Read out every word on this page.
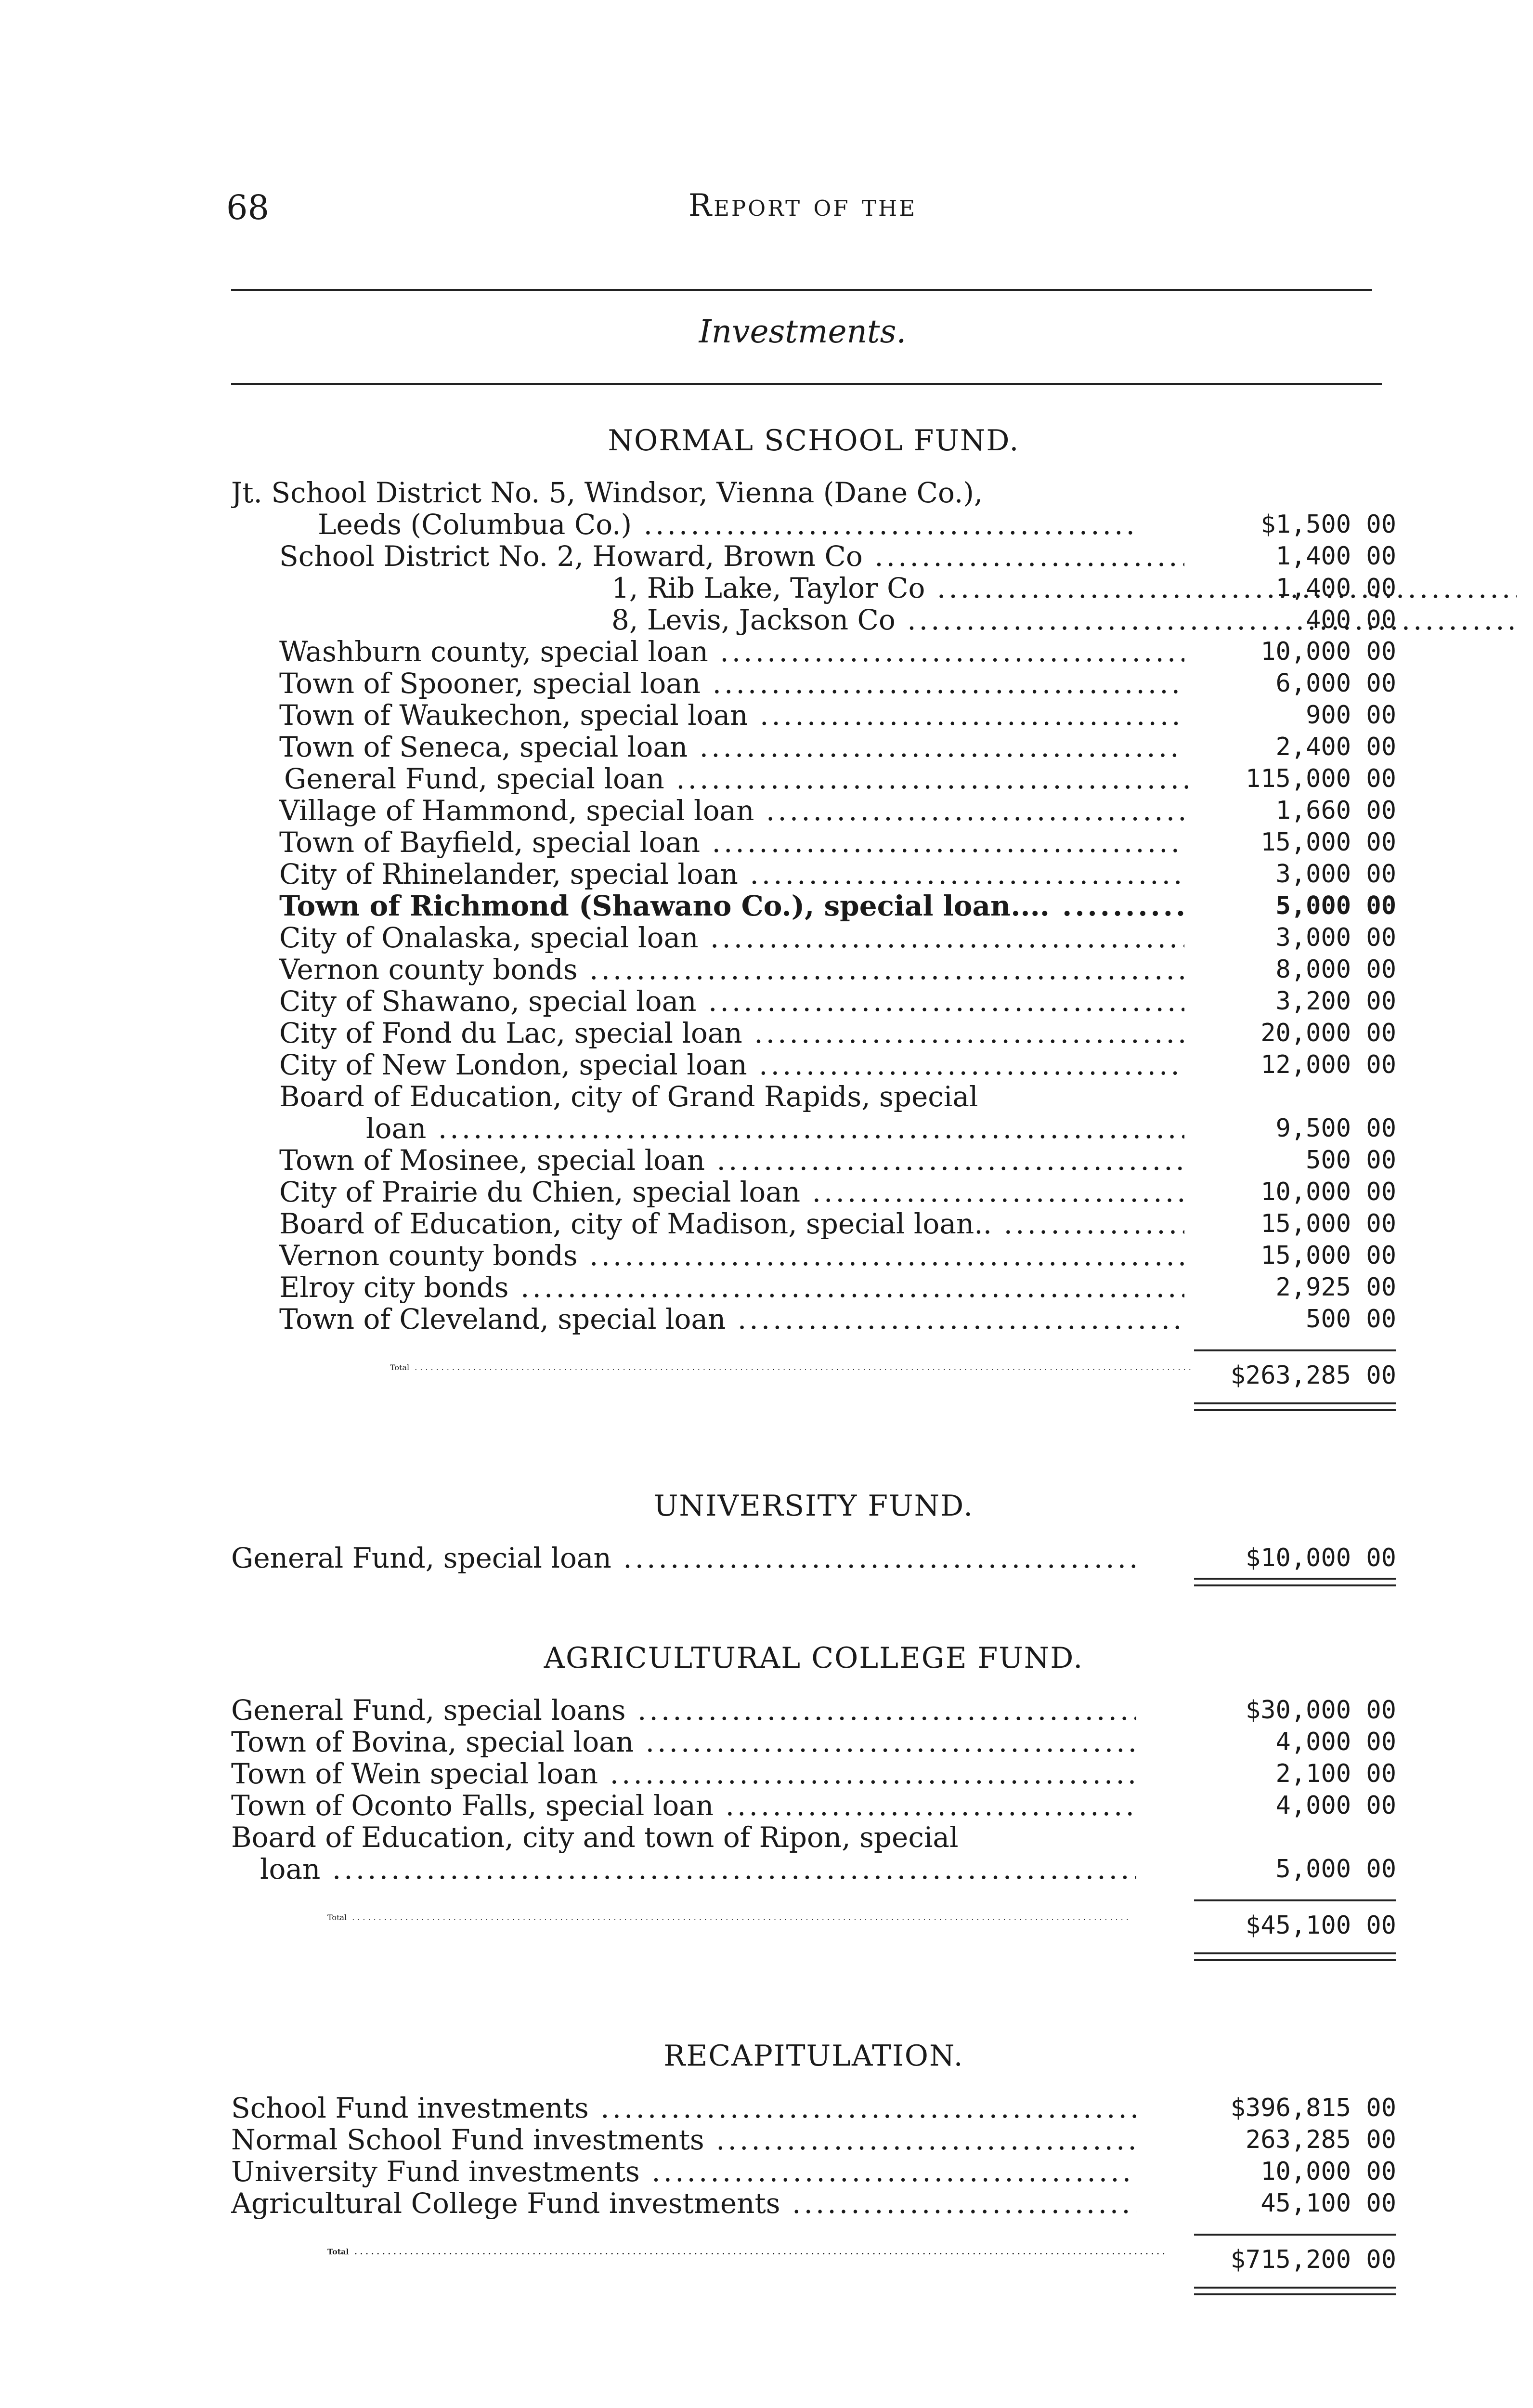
68	Report of the
Investments.
NORMAL SCHOOL FUND.
Jt. School District No. 5, Windsor, Vienna (Dane Co.),
Leeds (Columbua Co.) .....	$1,500 00
School District No. 2, Howard, Brown Co .....	1,400 00
1, Rib Lake, Taylor Co .....	1,400 00
8, Levis, Jackson Co .....	400 00
Washburn county, special loan .....	10,000 00
Town of Spooner, special loan .....	6,000 00
Town of Waukechon, special loan .....	900 00
Town of Seneca, special loan .....	2,400 00
General Fund, special loan .....	115,000 00
Village of Hammond, special loan .....	1,660 00
Town of Bayfield, special loan .....	15,000 00
City of Rhinelander, special loan .....	3,000 00
Town of Richmond (Shawano Co.), special loan.... .....	5,000 00
City of Onalaska, special loan .....	3,000 00
Vernon county bonds .....	8,000 00
City of Shawano, special loan .....	3,200 00
City of Fond du Lac, special loan .....	20,000 00
City of New London, special loan .....	12,000 00
Board of Education, city of Grand Rapids, special
loan .....	9,500 00
Town of Mosinee, special loan .....	500 00
City of Prairie du Chien, special loan .....	10,000 00
Board of Education, city of Madison, special loan.. .....	15,000 00
Vernon county bonds .....	15,000 00
Elroy city bonds .....	2,925 00
Town of Cleveland, special loan .....	500 00
Total .....	$263,285 00
UNIVERSITY FUND.
General Fund, special loan .....	$10,000 00
AGRICULTURAL COLLEGE FUND.
General Fund, special loans .....	$30,000 00
Town of Bovina, special loan .....	4,000 00
Town of Wein special loan .....	2,100 00
Town of Oconto Falls, special loan .....	4,000 00
Board of Education, city and town of Ripon, special
loan .....	5,000 00
Total .....	$45,100 00
RECAPITULATION.
School Fund investments .....	$396,815 00
Normal School Fund investments .....	263,285 00
University Fund investments .....	10,000 00
Agricultural College Fund investments .....	45,100 00
Total .....	$715,200 00
